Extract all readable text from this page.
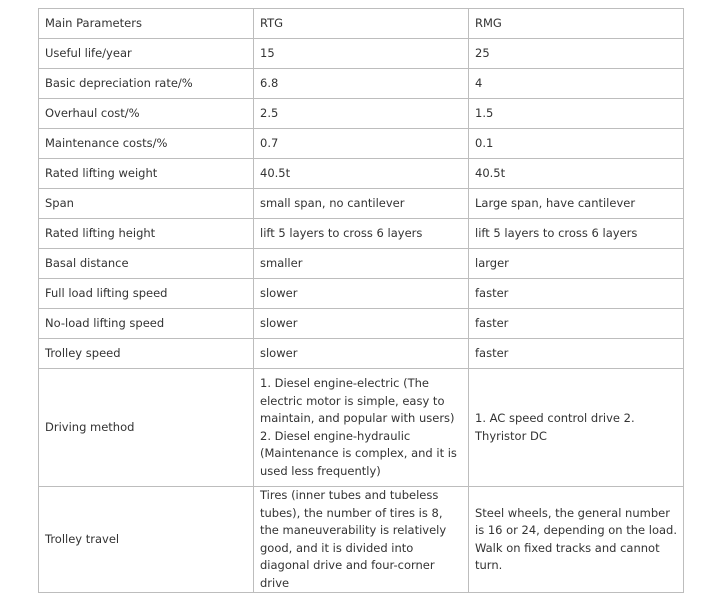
Main Parameters	RTG	RMG
Useful life/year	15	25
Basic depreciation rate/%	6.8	4
Overhaul cost/%	2.5	1.5
Maintenance costs/%	0.7	0.1
Rated lifting weight	40.5t	40.5t
Span	small span, no cantilever	Large span, have cantilever
Rated lifting height	lift 5 layers to cross 6 layers	lift 5 layers to cross 6 layers
Basal distance	smaller	larger
Full load lifting speed	slower	faster
No-load lifting speed	slower	faster
Trolley speed	slower	faster
Driving method	1. Diesel engine-electric (The electric motor is simple, easy to maintain, and popular with users) 2. Diesel engine-hydraulic (Maintenance is complex, and it is used less frequently)	1. AC speed control drive 2. Thyristor DC
Trolley travel	Tires (inner tubes and tubeless tubes), the number of tires is 8, the maneuverability is relatively good, and it is divided into diagonal drive and four-corner drive	Steel wheels, the general number is 16 or 24, depending on the load. Walk on fixed tracks and cannot turn.
